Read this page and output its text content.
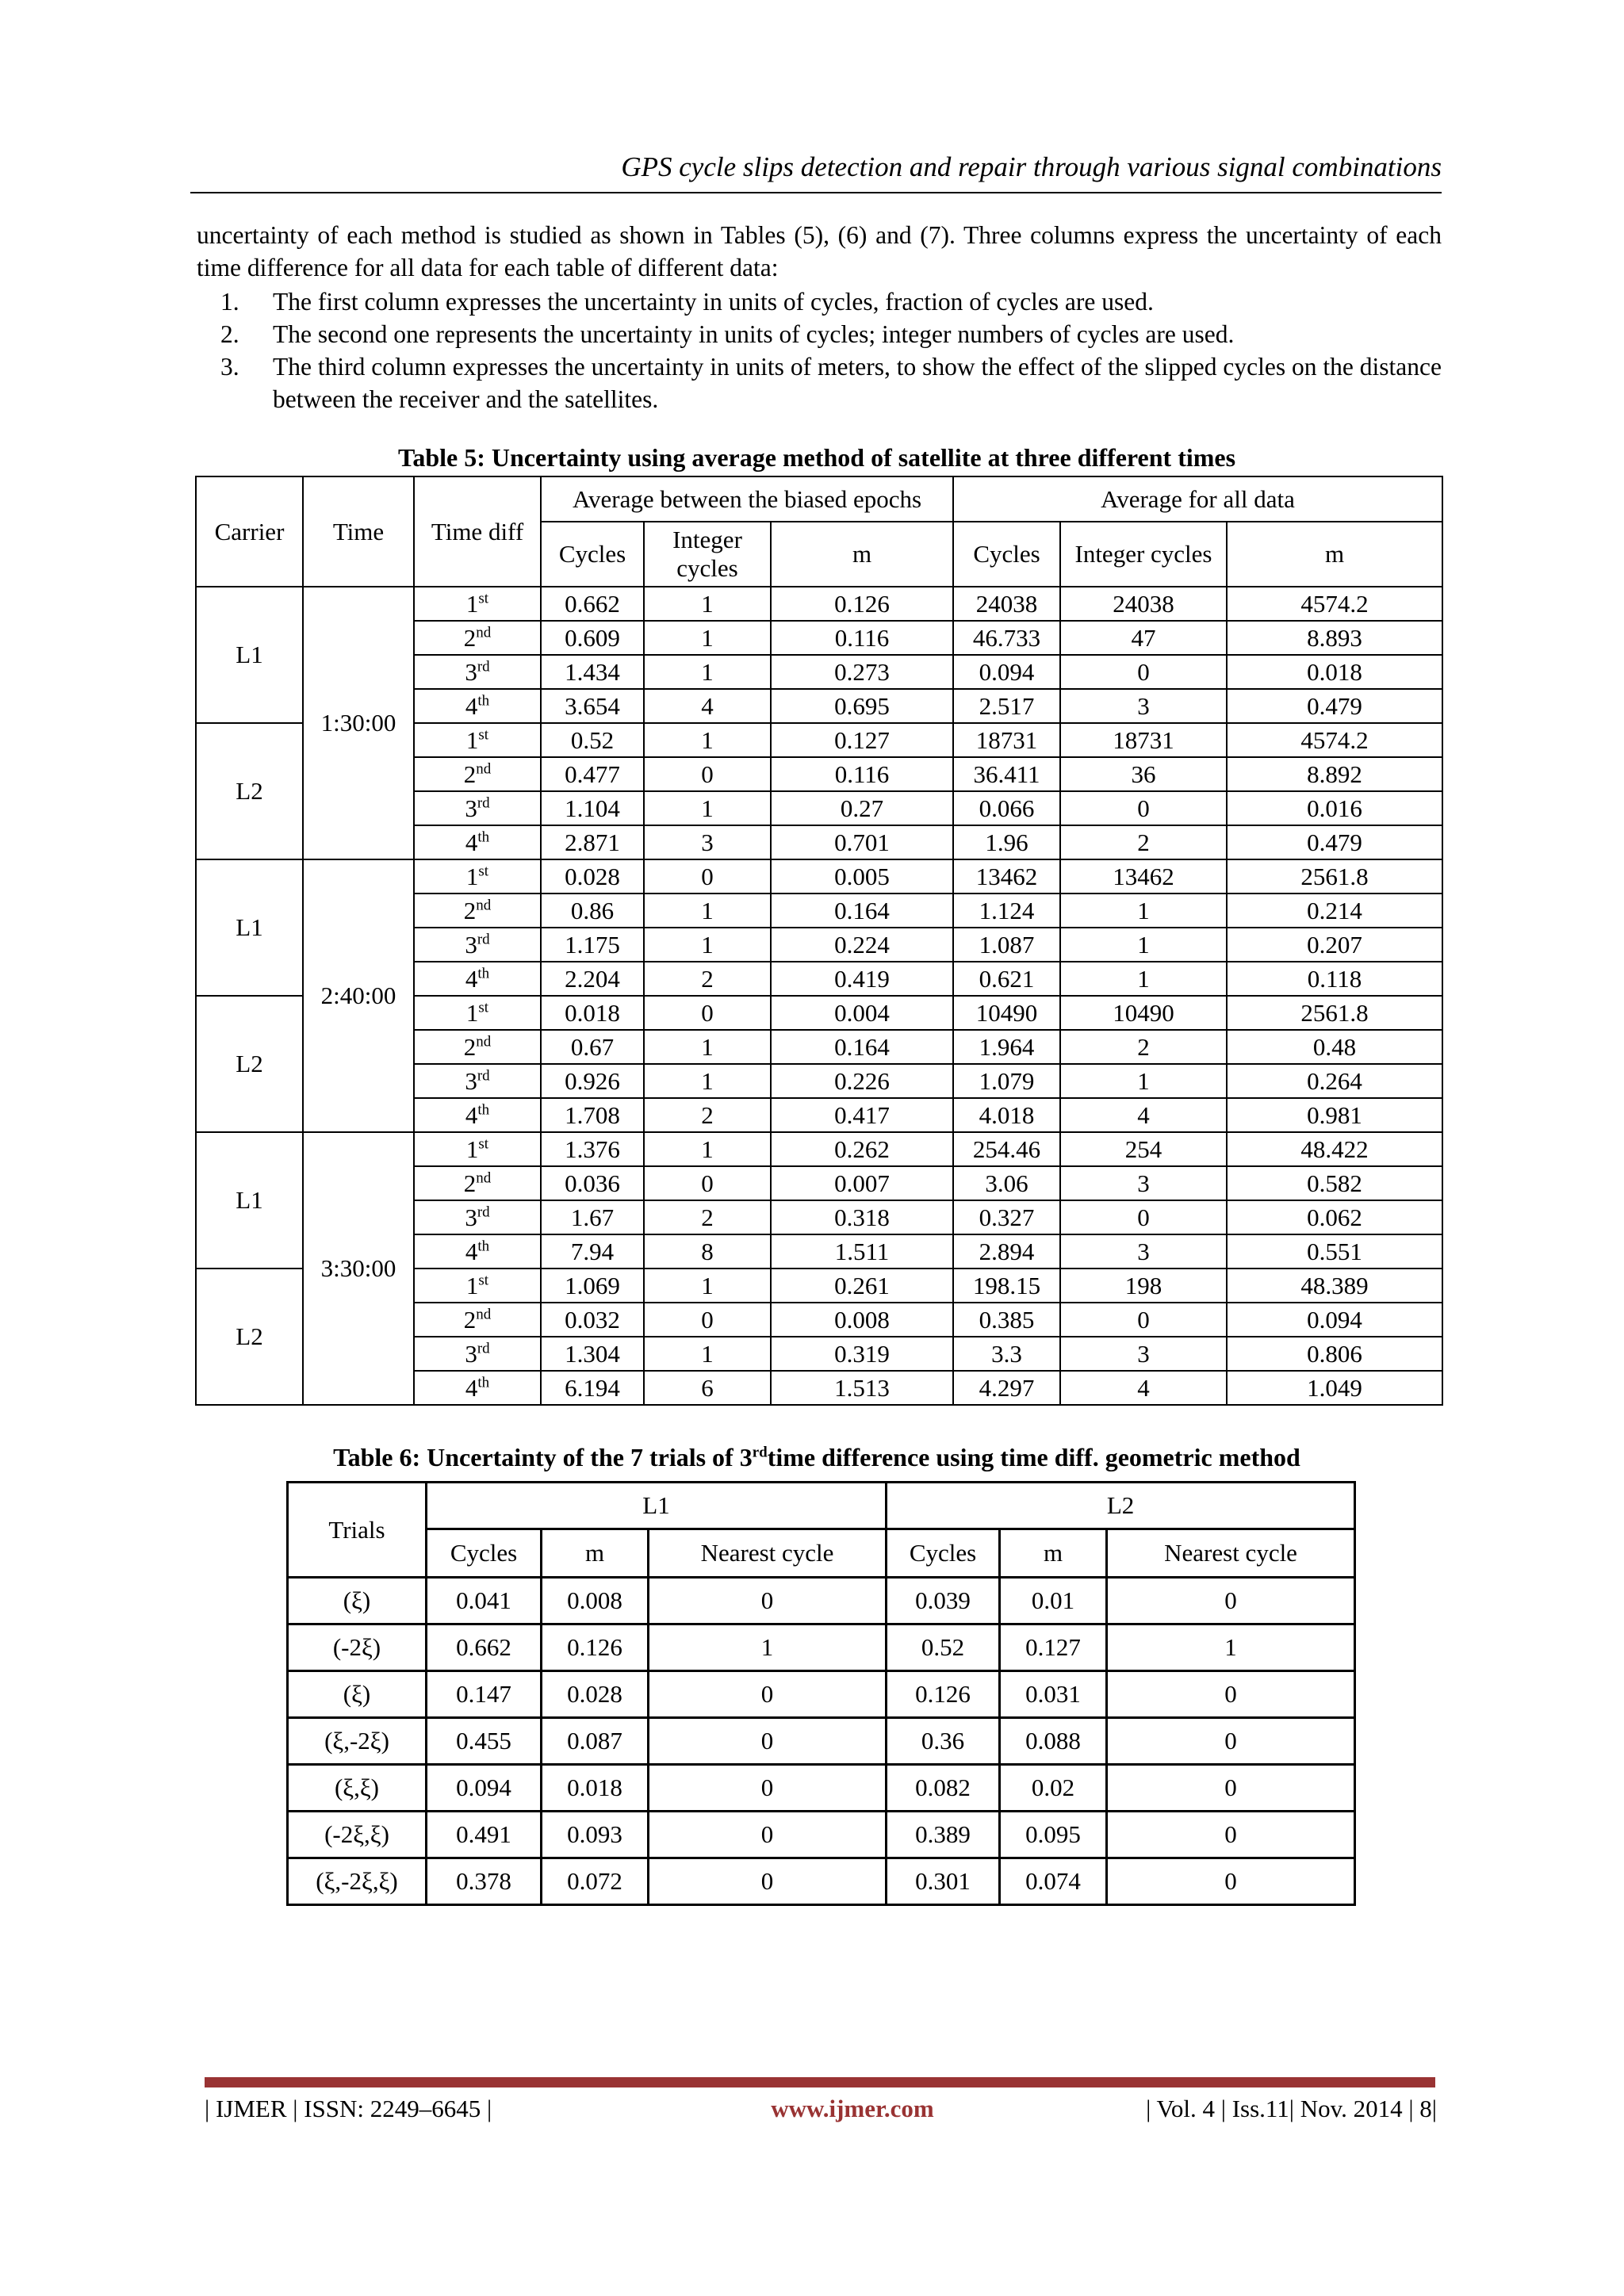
GPS cycle slips detection and repair through various signal combinations

uncertainty of each method is studied as shown in Tables (5), (6) and (7). Three columns express the uncertainty of each time difference for all data for each table of different data:

1.	The first column expresses the uncertainty in units of cycles, fraction of cycles are used.
2.	The second one represents the uncertainty in units of cycles; integer numbers of cycles are used.
3.	The third column expresses the uncertainty in units of meters, to show the effect of the slipped cycles on the distance between the receiver and the satellites.
Table 5: Uncertainty using average method of satellite at three different times
Carrier	Time	Time diff	Average between the biased epochs			Average for all data		
			Cycles	Integer cycles	m	Cycles	Integer cycles	m
L1	1:30:00	1st	0.662	1	0.126	24038	24038	4574.2
		2nd	0.609	1	0.116	46.733	47	8.893
		3rd	1.434	1	0.273	0.094	0	0.018
		4th	3.654	4	0.695	2.517	3	0.479
L2		1st	0.52	1	0.127	18731	18731	4574.2
		2nd	0.477	0	0.116	36.411	36	8.892
		3rd	1.104	1	0.27	0.066	0	0.016
		4th	2.871	3	0.701	1.96	2	0.479
L1	2:40:00	1st	0.028	0	0.005	13462	13462	2561.8
		2nd	0.86	1	0.164	1.124	1	0.214
		3rd	1.175	1	0.224	1.087	1	0.207
		4th	2.204	2	0.419	0.621	1	0.118
L2		1st	0.018	0	0.004	10490	10490	2561.8
		2nd	0.67	1	0.164	1.964	2	0.48
		3rd	0.926	1	0.226	1.079	1	0.264
		4th	1.708	2	0.417	4.018	4	0.981
L1	3:30:00	1st	1.376	1	0.262	254.46	254	48.422
		2nd	0.036	0	0.007	3.06	3	0.582
		3rd	1.67	2	0.318	0.327	0	0.062
		4th	7.94	8	1.511	2.894	3	0.551
L2		1st	1.069	1	0.261	198.15	198	48.389
		2nd	0.032	0	0.008	0.385	0	0.094
		3rd	1.304	1	0.319	3.3	3	0.806
		4th	6.194	6	1.513	4.297	4	1.049
Table 6: Uncertainty of the 7 trials of 3rdtime difference using time diff. geometric method
Trials	L1			L2		
	Cycles	m	Nearest cycle	Cycles	m	Nearest cycle
(ξ)	0.041	0.008	0	0.039	0.01	0
(-2ξ)	0.662	0.126	1	0.52	0.127	1
(ξ)	0.147	0.028	0	0.126	0.031	0
(ξ,-2ξ)	0.455	0.087	0	0.36	0.088	0
(ξ,ξ)	0.094	0.018	0	0.082	0.02	0
(-2ξ,ξ)	0.491	0.093	0	0.389	0.095	0
(ξ,-2ξ,ξ)	0.378	0.072	0	0.301	0.074	0
| IJMER | ISSN: 2249–6645 |	www.ijmer.com	| Vol. 4 | Iss.11| Nov. 2014 | 8|
